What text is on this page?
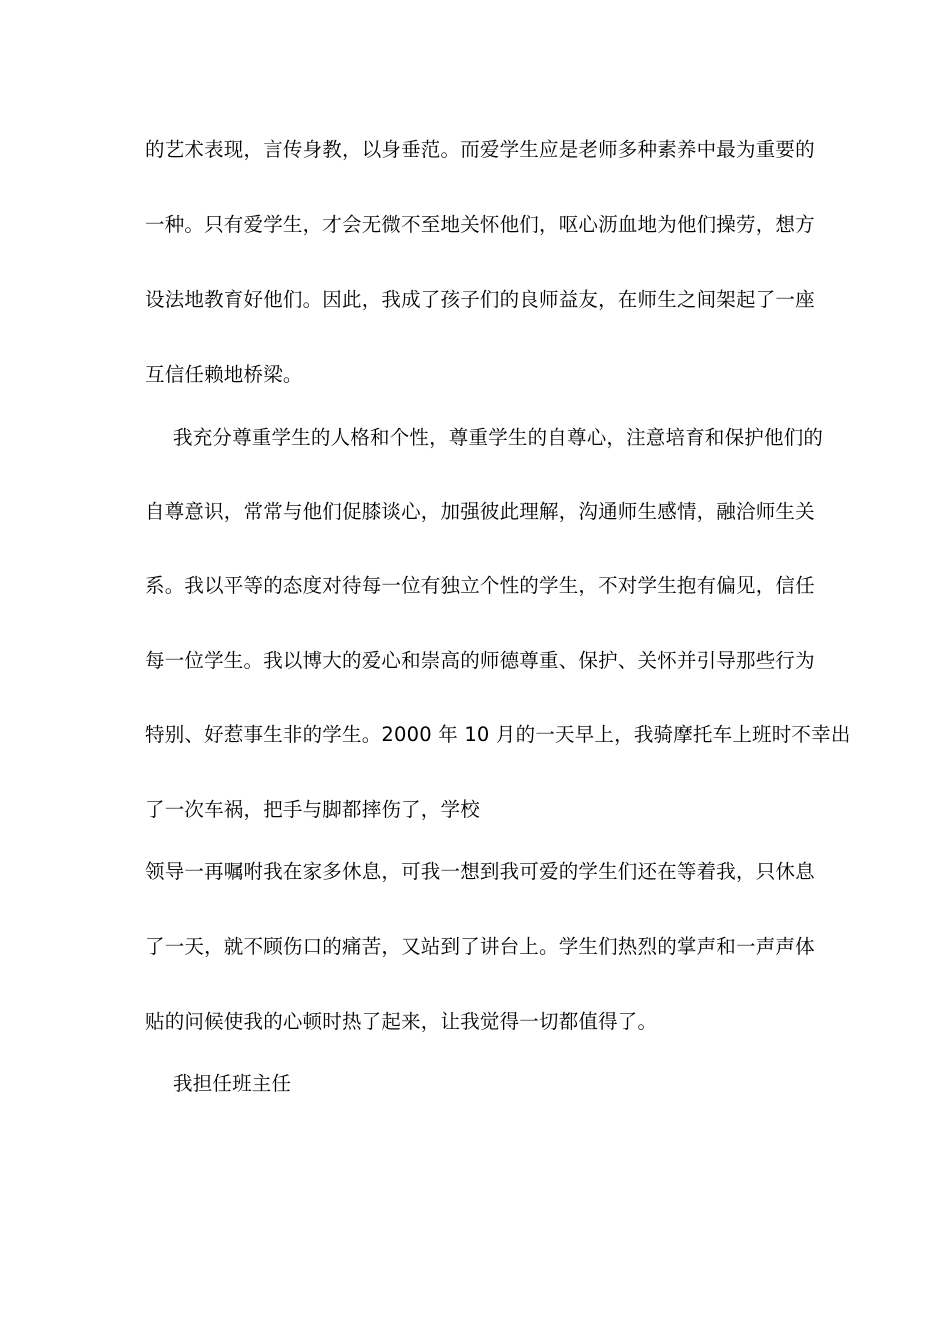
的艺术表现，言传身教，以身垂范。而爱学生应是老师多种素养中最为重要的
一种。只有爱学生，才会无微不至地关怀他们，呕心沥血地为他们操劳，想方
设法地教育好他们。因此，我成了孩子们的良师益友，在师生之间架起了一座
互信任赖地桥梁。
我充分尊重学生的人格和个性，尊重学生的自尊心，注意培育和保护他们的
自尊意识，常常与他们促膝谈心，加强彼此理解，沟通师生感情，融洽师生关
系。我以平等的态度对待每一位有独立个性的学生，不对学生抱有偏见，信任
每一位学生。我以博大的爱心和崇高的师德尊重、保护、关怀并引导那些行为
特别、好惹事生非的学生。2000 年 10 月的一天早上，我骑摩托车上班时不幸出
了一次车祸，把手与脚都摔伤了，学校
领导一再嘱咐我在家多休息，可我一想到我可爱的学生们还在等着我，只休息
了一天，就不顾伤口的痛苦，又站到了讲台上。学生们热烈的掌声和一声声体
贴的问候使我的心顿时热了起来，让我觉得一切都值得了。
我担任班主任
